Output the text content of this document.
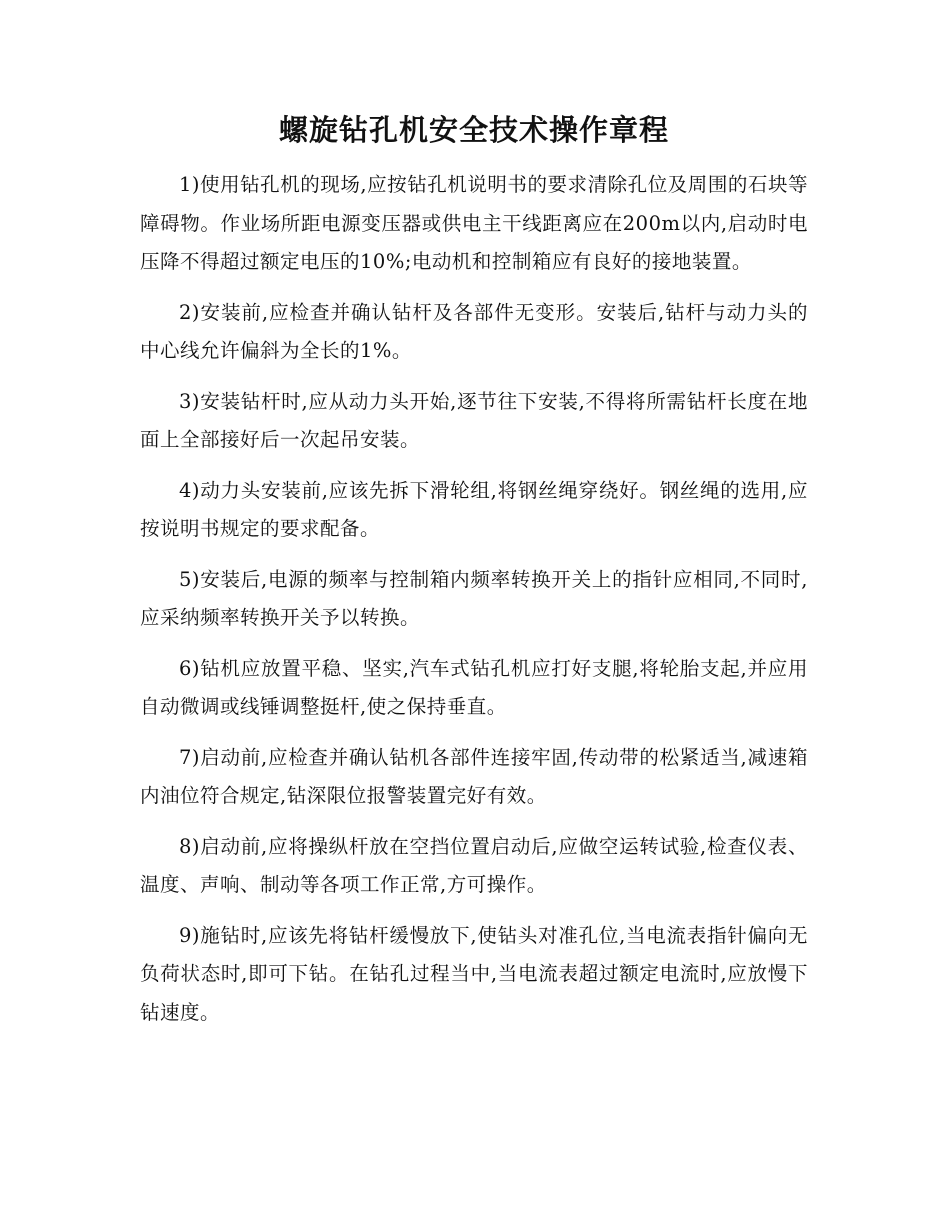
螺旋钻孔机安全技术操作章程

1)使用钻孔机的现场,应按钻孔机说明书的要求清除孔位及周围的石块等障碍物。作业场所距电源变压器或供电主干线距离应在200m以内,启动时电压降不得超过额定电压的10%;电动机和控制箱应有良好的接地装置。

2)安装前,应检查并确认钻杆及各部件无变形。安装后,钻杆与动力头的中心线允许偏斜为全长的1%。

3)安装钻杆时,应从动力头开始,逐节往下安装,不得将所需钻杆长度在地面上全部接好后一次起吊安装。

4)动力头安装前,应该先拆下滑轮组,将钢丝绳穿绕好。钢丝绳的选用,应按说明书规定的要求配备。

5)安装后,电源的频率与控制箱内频率转换开关上的指针应相同,不同时,应采纳频率转换开关予以转换。

6)钻机应放置平稳、坚实,汽车式钻孔机应打好支腿,将轮胎支起,并应用自动微调或线锤调整挺杆,使之保持垂直。

7)启动前,应检查并确认钻机各部件连接牢固,传动带的松紧适当,减速箱内油位符合规定,钻深限位报警装置完好有效。

8)启动前,应将操纵杆放在空挡位置启动后,应做空运转试验,检查仪表、温度、声响、制动等各项工作正常,方可操作。

9)施钻时,应该先将钻杆缓慢放下,使钻头对准孔位,当电流表指针偏向无负荷状态时,即可下钻。在钻孔过程当中,当电流表超过额定电流时,应放慢下钻速度。
